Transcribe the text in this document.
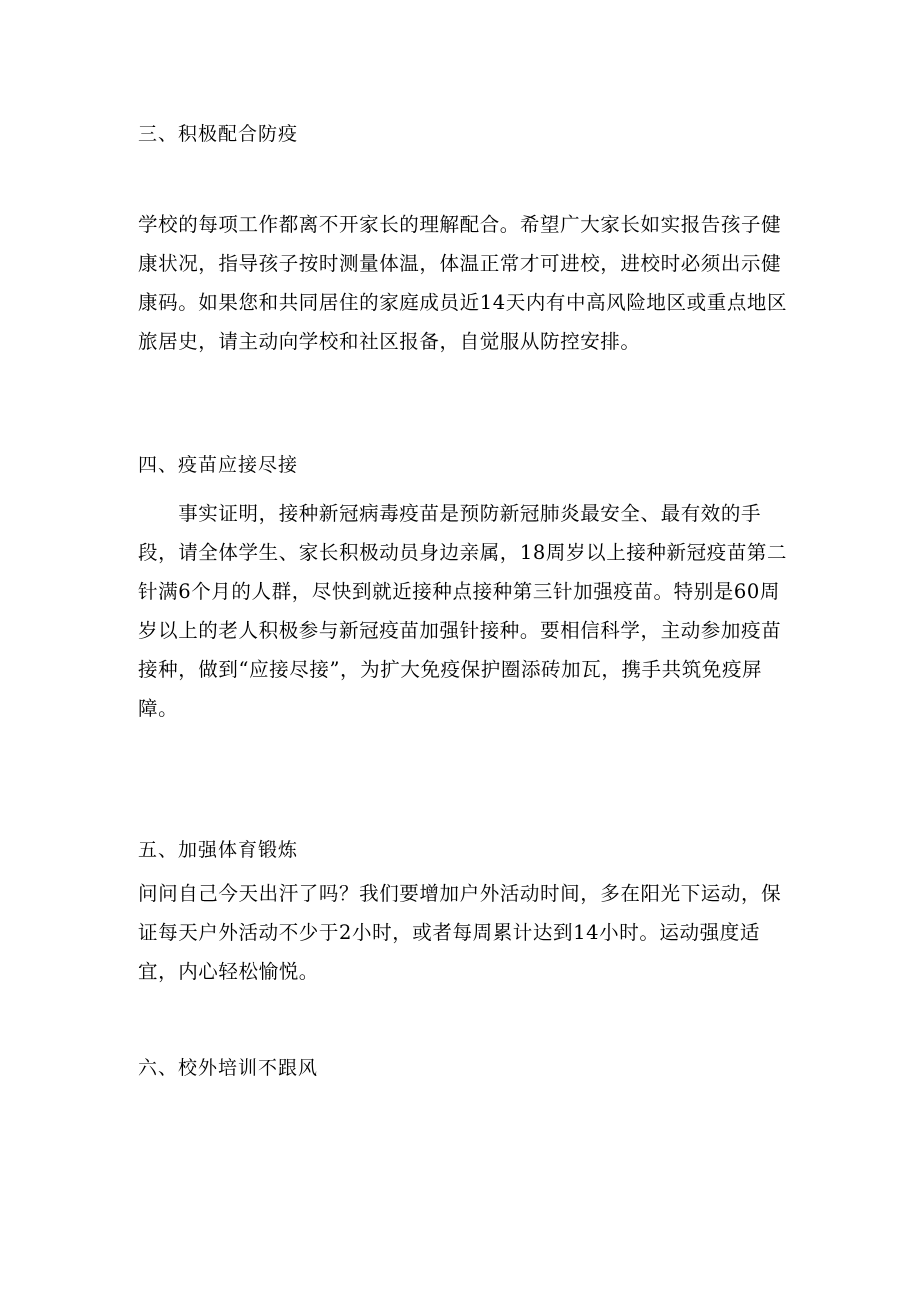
三、积极配合防疫
学校的每项工作都离不开家长的理解配合。希望广大家长如实报告孩子健
康状况，指导孩子按时测量体温，体温正常才可进校，进校时必须出示健
康码。如果您和共同居住的家庭成员近14天内有中高风险地区或重点地区
旅居史，请主动向学校和社区报备，自觉服从防控安排。
四、疫苗应接尽接
　　事实证明，接种新冠病毒疫苗是预防新冠肺炎最安全、最有效的手
段，请全体学生、家长积极动员身边亲属，18周岁以上接种新冠疫苗第二
针满6个月的人群，尽快到就近接种点接种第三针加强疫苗。特别是60周
岁以上的老人积极参与新冠疫苗加强针接种。要相信科学，主动参加疫苗
接种，做到“应接尽接”，为扩大免疫保护圈添砖加瓦，携手共筑免疫屏
障。
五、加强体育锻炼
问问自己今天出汗了吗？我们要增加户外活动时间，多在阳光下运动，保
证每天户外活动不少于2小时，或者每周累计达到14小时。运动强度适
宜，内心轻松愉悦。
六、校外培训不跟风
